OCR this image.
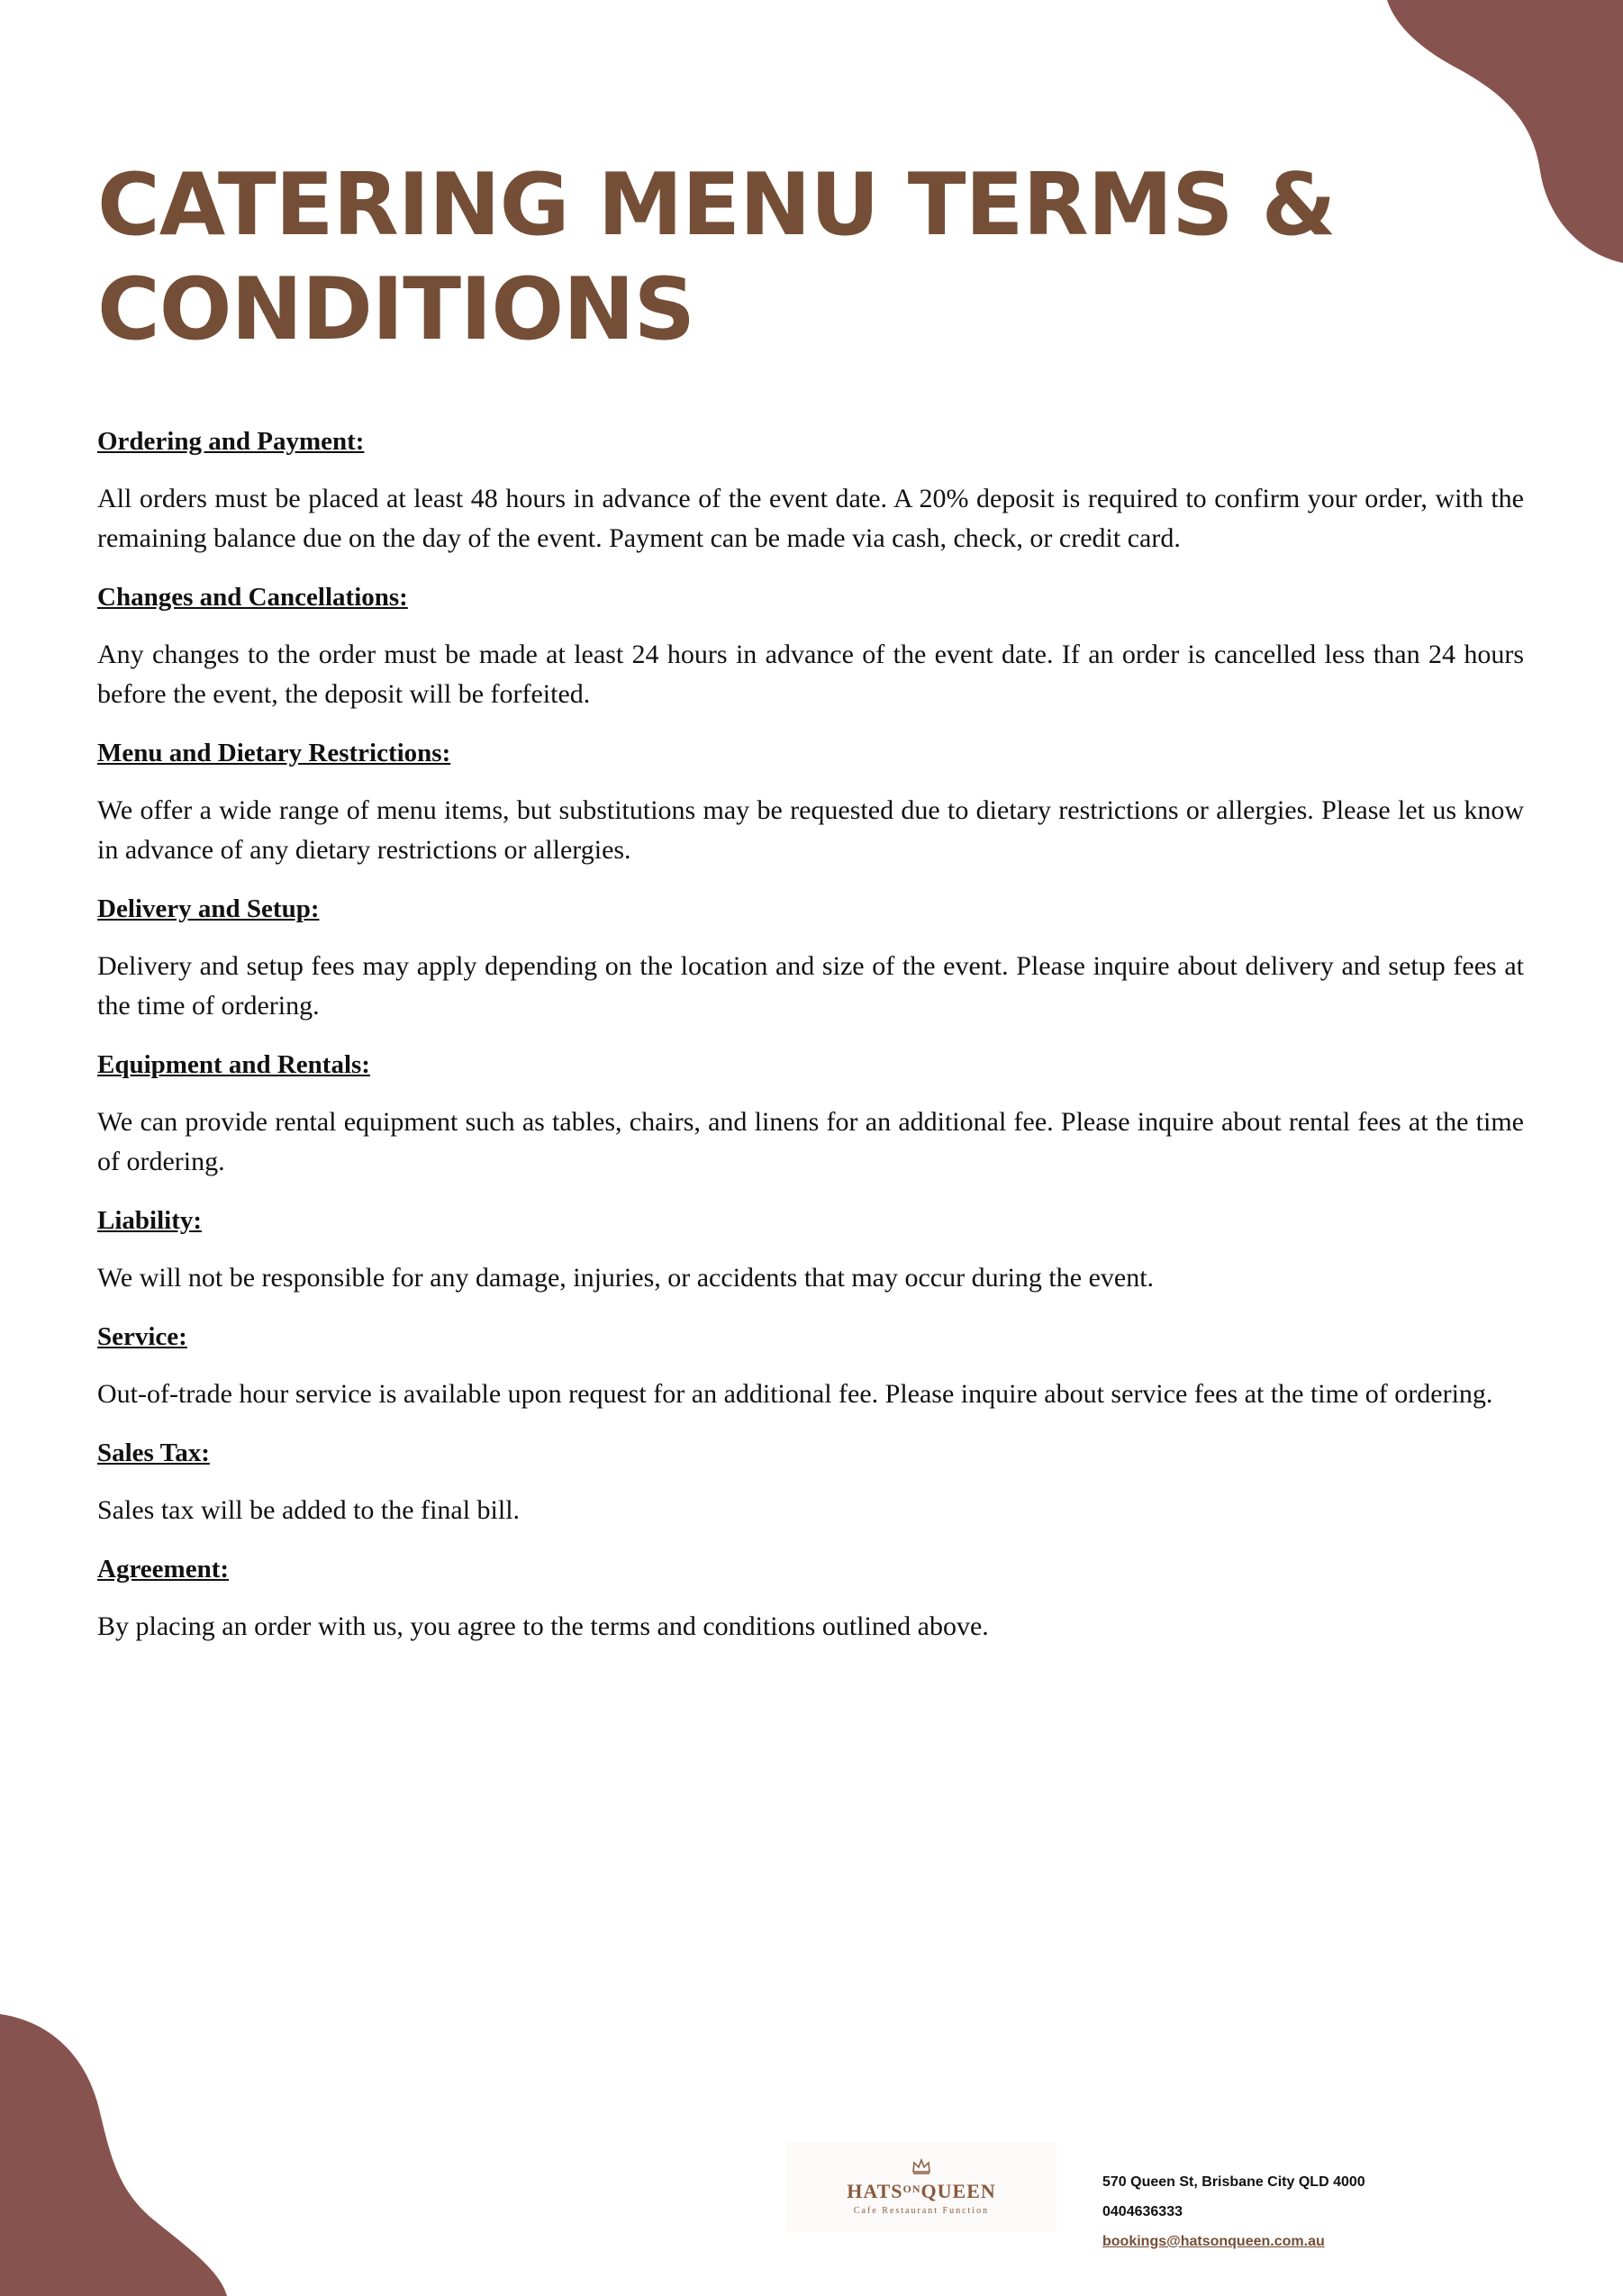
CATERING MENU TERMS & CONDITIONS
Ordering and Payment:
All orders must be placed at least 48 hours in advance of the event date. A 20% deposit is required to confirm your order, with the remaining balance due on the day of the event. Payment can be made via cash, check, or credit card.
Changes and Cancellations:
Any changes to the order must be made at least 24 hours in advance of the event date. If an order is cancelled less than 24 hours before the event, the deposit will be forfeited.
Menu and Dietary Restrictions:
We offer a wide range of menu items, but substitutions may be requested due to dietary restrictions or allergies. Please let us know in advance of any dietary restrictions or allergies.
Delivery and Setup:
Delivery and setup fees may apply depending on the location and size of the event. Please inquire about delivery and setup fees at the time of ordering.
Equipment and Rentals:
We can provide rental equipment such as tables, chairs, and linens for an additional fee. Please inquire about rental fees at the time of ordering.
Liability:
We will not be responsible for any damage, injuries, or accidents that may occur during the event.
Service:
Out-of-trade hour service is available upon request for an additional fee. Please inquire about service fees at the time of ordering.
Sales Tax:
Sales tax will be added to the final bill.
Agreement:
By placing an order with us, you agree to the terms and conditions outlined above.
$HATS^{ON}QUEEN$
Cafe Restaurant Function
570 Queen St, Brisbane City QLD 4000
0404636333
bookings@hatsonqueen.com.au
